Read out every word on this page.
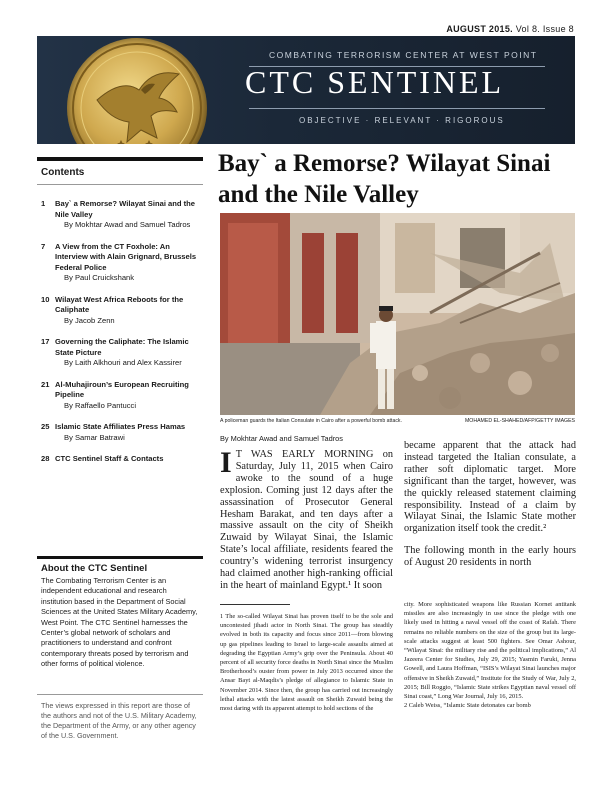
AUGUST 2015. Vol 8. Issue 8
COMBATING TERRORISM CENTER AT WEST POINT
CTC SENTINEL
OBJECTIVE · RELEVANT · RIGOROUS
Contents
1	Bay` a Remorse? Wilayat Sinai and the Nile Valley
By Mokhtar Awad and Samuel Tadros
7	A View from the CT Foxhole: An Interview with Alain Grignard, Brussels Federal Police
By Paul Cruickshank
10 Wilayat West Africa Reboots for the Caliphate
By Jacob Zenn
17 Governing the Caliphate: The Islamic State Picture
By Laith Alkhouri and Alex Kassirer
21 Al-Muhajiroun’s European Recruiting Pipeline
By Raffaello Pantucci
25 Islamic State Affiliates Press Hamas
By Samar Batrawi
28 CTC Sentinel Staff & Contacts
About the CTC Sentinel
The Combating Terrorism Center is an independent educational and research institution based in the Department of Social Sciences at the United States Military Academy, West Point. The CTC Sentinel harnesses the Center’s global network of scholars and practitioners to understand and confront contemporary threats posed by terrorism and other forms of political violence.
The views expressed in this report are those of the authors and not of the U.S. Military Academy, the Department of the Army, or any other agency of the U.S. Government.
Bay` a Remorse? Wilayat Sinai and the Nile Valley
A policeman guards the Italian Consulate in Cairo after a powerful bomb attack.	MOHAMED EL-SHAHED/AFP/GETTY IMAGES
By Mokhtar Awad and Samuel Tadros
I T WAS EARLY MORNING on Saturday, July 11, 2015 when Cairo awoke to the sound of a huge explosion. Coming just 12 days after the assassination of Prosecutor General Hesham Barakat, and ten days after a massive assault on the city of Sheikh Zuwaid by Wilayat Sinai, the Islamic State’s local affiliate, residents feared the country’s widening terrorist insurgency had claimed another high-ranking official in the heart of mainland Egypt.¹ It soon

became apparent that the attack had instead targeted the Italian consulate, a rather soft diplomatic target. More significant than the target, however, was the quickly released statement claiming responsibility. Instead of a claim by Wilayat Sinai, the Islamic State mother organization itself took the credit.²

The following month in the early hours of August 20 residents in north

1 The so-called Wilayat Sinai has proven itself to be the sole and uncontested jihadi actor in North Sinai. The group has steadily evolved in both its capacity and focus since 2011—from blowing up gas pipelines leading to Israel to large-scale assaults aimed at degrading the Egyptian Army’s grip over the Peninsula. About 40 percent of all security force deaths in North Sinai since the Muslim Brotherhood’s ouster from power in July 2013 occurred since the Ansar Bayt al-Maqdis’s pledge of allegiance to Islamic State in November 2014. Since then, the group has carried out increasingly lethal attacks with the latest assault on Sheikh Zuwaid being the most daring with its apparent attempt to hold sections of the
city. More sophisticated weapons like Russian Kornet antitank missiles are also increasingly in use since the pledge with one likely used in hitting a naval vessel off the coast of Rafah. There remains no reliable numbers on the size of the group but its large-scale attacks suggest at least 500 fighters. See Omar Ashour, “Wilayat Sinai: the military rise and the political implications,” Al Jazeera Center for Studies, July 29, 2015; Yasmin Faruki, Jenna Gowell, and Laura Hoffman, “ISIS’s Wilayat Sinai launches major offensive in Sheikh Zuwaid,” Institute for the Study of War, July 2, 2015; Bill Roggio, “Islamic State strikes Egyptian naval vessel off Sinai coast,” Long War Journal, July 16, 2015.
2 Caleb Weiss, “Islamic State detonates car bomb
